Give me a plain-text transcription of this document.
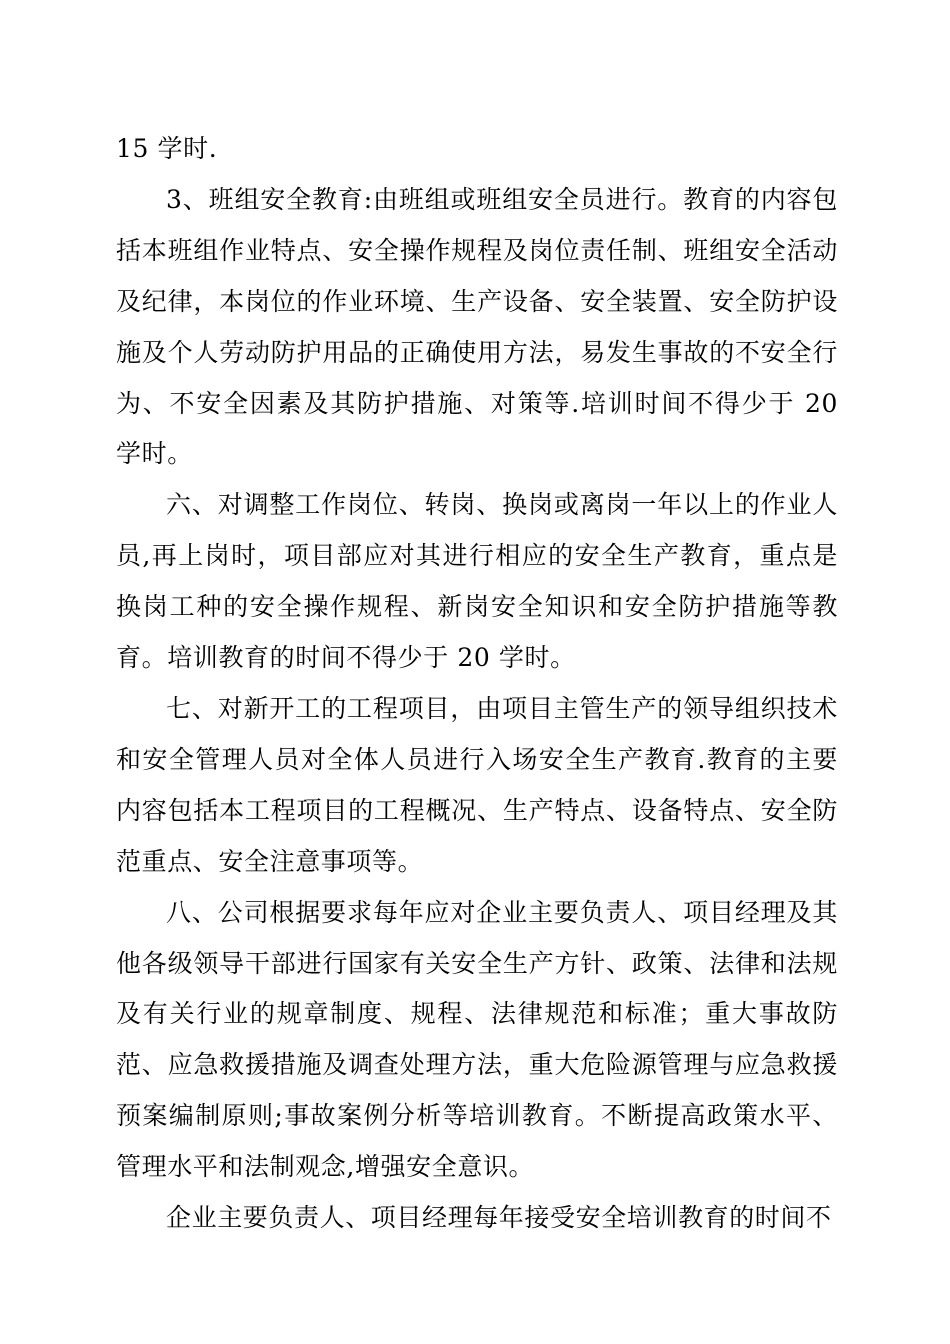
15 学时.

3、班组安全教育:由班组或班组安全员进行。教育的内容包括本班组作业特点、安全操作规程及岗位责任制、班组安全活动及纪律，本岗位的作业环境、生产设备、安全装置、安全防护设施及个人劳动防护用品的正确使用方法，易发生事故的不安全行为、不安全因素及其防护措施、对策等.培训时间不得少于 20 学时。

六、对调整工作岗位、转岗、换岗或离岗一年以上的作业人员,再上岗时，项目部应对其进行相应的安全生产教育，重点是换岗工种的安全操作规程、新岗安全知识和安全防护措施等教育。培训教育的时间不得少于 20 学时。

七、对新开工的工程项目，由项目主管生产的领导组织技术和安全管理人员对全体人员进行入场安全生产教育.教育的主要内容包括本工程项目的工程概况、生产特点、设备特点、安全防范重点、安全注意事项等。

八、公司根据要求每年应对企业主要负责人、项目经理及其他各级领导干部进行国家有关安全生产方针、政策、法律和法规及有关行业的规章制度、规程、法律规范和标准；重大事故防范、应急救援措施及调查处理方法，重大危险源管理与应急救援预案编制原则;事故案例分析等培训教育。不断提高政策水平、管理水平和法制观念,增强安全意识。

企业主要负责人、项目经理每年接受安全培训教育的时间不
